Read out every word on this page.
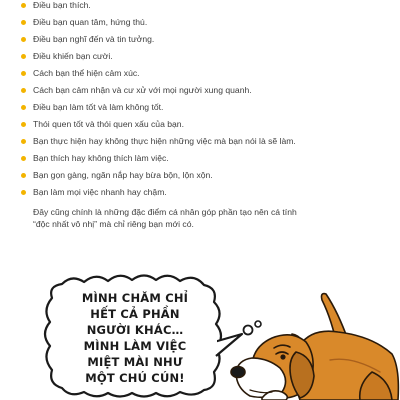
Điều bạn thích.
Điều bạn quan tâm, hứng thú.
Điều bạn nghĩ đến và tin tưởng.
Điều khiến bạn cười.
Cách bạn thể hiện cảm xúc.
Cách bạn cảm nhận và cư xử với mọi người xung quanh.
Điều bạn làm tốt và làm không tốt.
Thói quen tốt và thói quen xấu của bạn.
Bạn thực hiện hay không thực hiện những việc mà bạn nói là sẽ làm.
Bạn thích hay không thích làm việc.
Bạn gọn gàng, ngăn nắp hay bừa bộn, lộn xộn.
Bạn làm mọi việc nhanh hay chậm.
Đây cũng chính là những đặc điểm cá nhân góp phần tạo nên cá tính
“độc nhất vô nhị” mà chỉ riêng bạn mới có.
MÌNH CHĂM CHỈ
HẾT CẢ PHẦN
NGƯỜI KHÁC…
MÌNH LÀM VIỆC
MIỆT MÀI NHƯ
MỘT CHÚ CÚN!
